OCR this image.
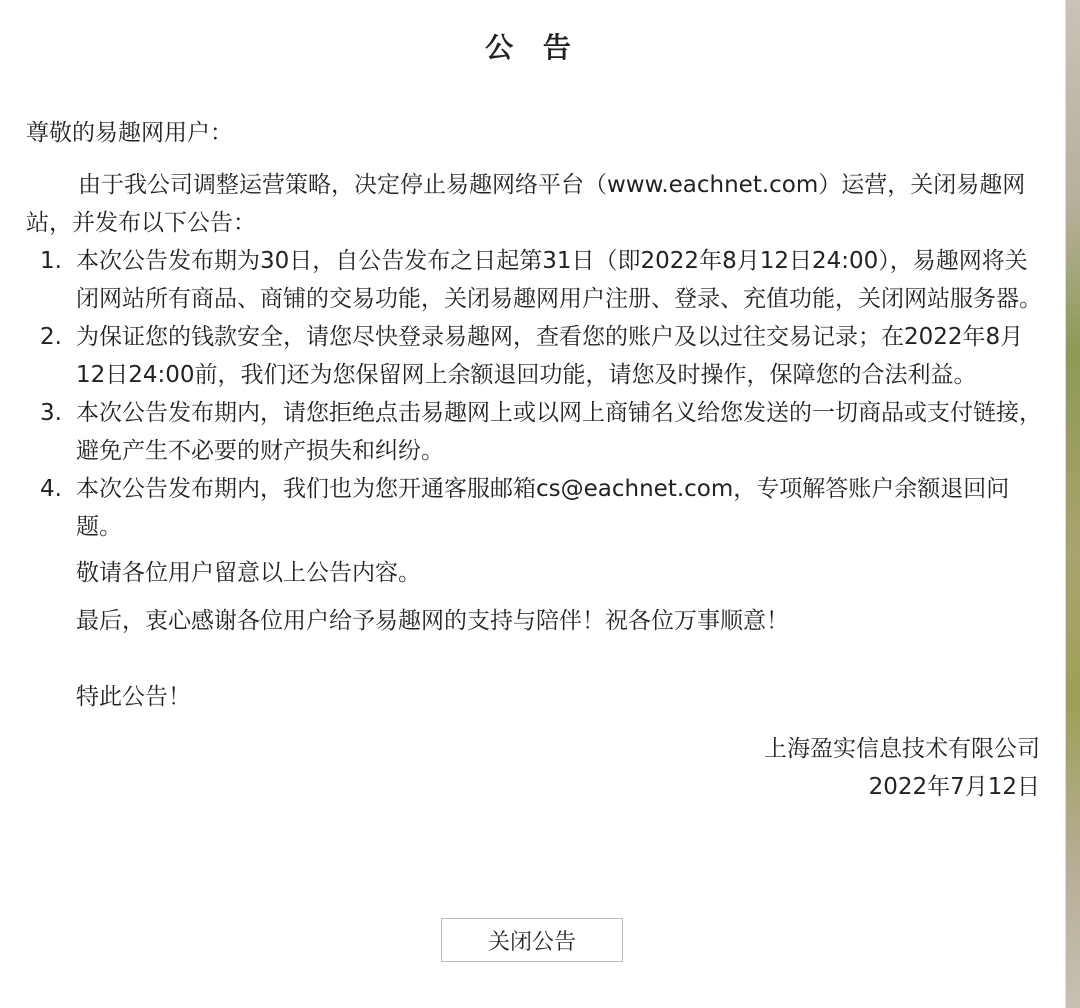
公 告

尊敬的易趣网用户：

由于我公司调整运营策略，决定停止易趣网络平台（www.eachnet.com）运营，关闭易趣网站，并发布以下公告：

1. 本次公告发布期为30日，自公告发布之日起第31日（即2022年8月12日24:00），易趣网将关闭网站所有商品、商铺的交易功能，关闭易趣网用户注册、登录、充值功能，关闭网站服务器。
2. 为保证您的钱款安全，请您尽快登录易趣网，查看您的账户及以过往交易记录；在2022年8月12日24:00前，我们还为您保留网上余额退回功能，请您及时操作，保障您的合法利益。
3. 本次公告发布期内，请您拒绝点击易趣网上或以网上商铺名义给您发送的一切商品或支付链接，避免产生不必要的财产损失和纠纷。
4. 本次公告发布期内，我们也为您开通客服邮箱cs@eachnet.com，专项解答账户余额退回问题。

敬请各位用户留意以上公告内容。

最后，衷心感谢各位用户给予易趣网的支持与陪伴！祝各位万事顺意！

特此公告！

上海盈实信息技术有限公司

2022年7月12日

关闭公告
